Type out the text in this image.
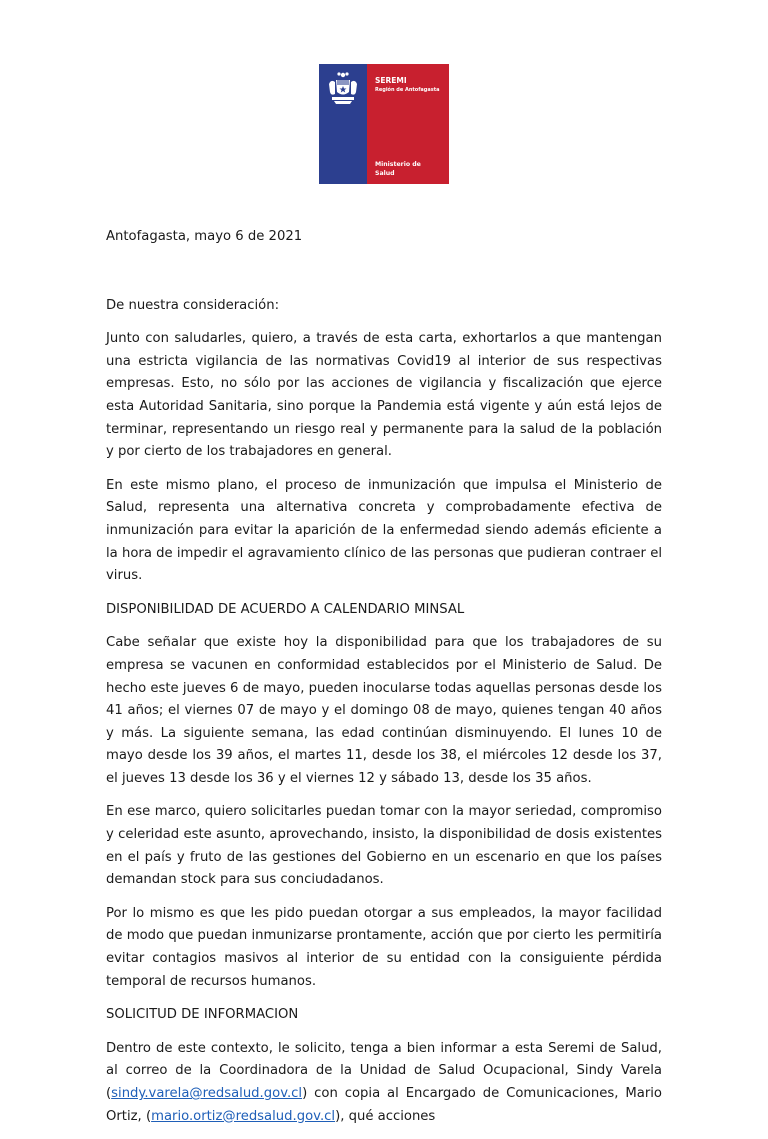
SEREMI
Región de Antofagasta
Ministerio de
Salud

Antofagasta, mayo 6 de 2021

De nuestra consideración:

Junto con saludarles, quiero, a través de esta carta, exhortarlos a que mantengan una estricta vigilancia de las normativas Covid19 al interior de sus respectivas empresas. Esto, no sólo por las acciones de vigilancia y fiscalización que ejerce esta Autoridad Sanitaria, sino porque la Pandemia está vigente y aún está lejos de terminar, representando un riesgo real y permanente para la salud de la población y por cierto de los trabajadores en general.

En este mismo plano, el proceso de inmunización que impulsa el Ministerio de Salud, representa una alternativa concreta y comprobadamente efectiva de inmunización para evitar la aparición de la enfermedad siendo además eficiente a la hora de impedir el agravamiento clínico de las personas que pudieran contraer el virus.

DISPONIBILIDAD DE ACUERDO A CALENDARIO MINSAL

Cabe señalar que existe hoy la disponibilidad para que los trabajadores de su empresa se vacunen en conformidad establecidos por el Ministerio de Salud. De hecho este jueves 6 de mayo, pueden inocularse todas aquellas personas desde los 41 años; el viernes 07 de mayo y el domingo 08 de mayo, quienes tengan 40 años y más. La siguiente semana, las edad continúan disminuyendo. El lunes 10 de mayo desde los 39 años, el martes 11, desde los 38, el miércoles 12 desde los 37, el jueves 13 desde los 36 y el viernes 12 y sábado 13, desde los 35 años.

En ese marco, quiero solicitarles puedan tomar con la mayor seriedad, compromiso y celeridad este asunto, aprovechando, insisto, la disponibilidad de dosis existentes en el país y fruto de las gestiones del Gobierno en un escenario en que los países demandan stock para sus conciudadanos.

Por lo mismo es que les pido puedan otorgar a sus empleados, la mayor facilidad de modo que puedan inmunizarse prontamente, acción que por cierto les permitiría evitar contagios masivos al interior de su entidad con la consiguiente pérdida temporal de recursos humanos.

SOLICITUD DE INFORMACION

Dentro de este contexto, le solicito, tenga a bien informar a esta Seremi de Salud, al correo de la Coordinadora de la Unidad de Salud Ocupacional, Sindy Varela (sindy.varela@redsalud.gov.cl) con copia al Encargado de Comunicaciones, Mario Ortiz, (mario.ortiz@redsalud.gov.cl), qué acciones
